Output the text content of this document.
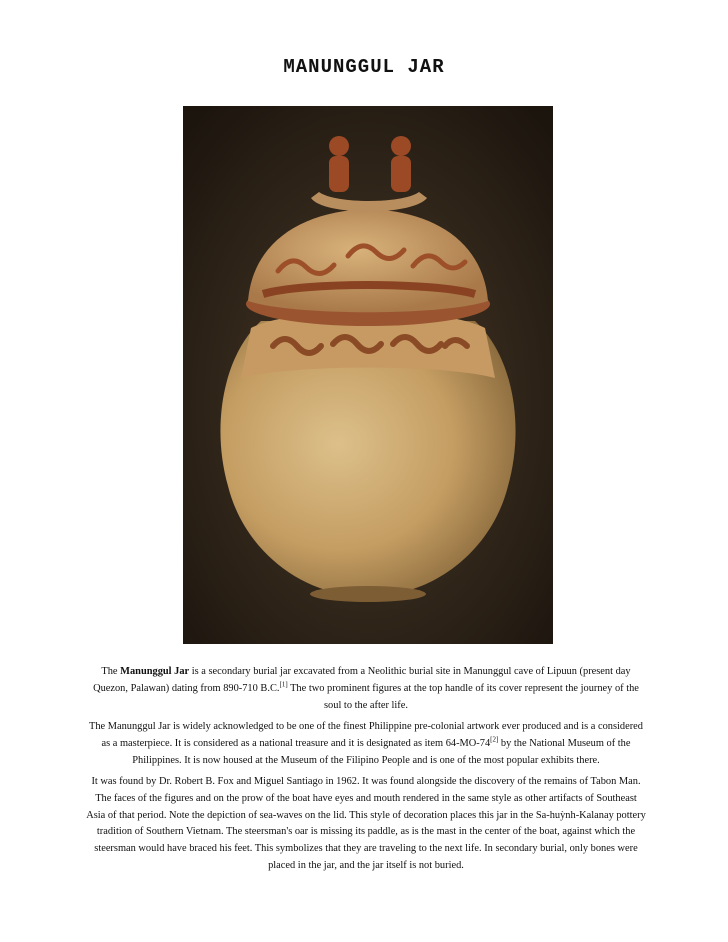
MANUNGGUL JAR

The Manunggul Jar is a secondary burial jar excavated from a Neolithic burial site in Manunggul cave of Lipuun (present day Quezon, Palawan) dating from 890-710 B.C.[1] The two prominent figures at the top handle of its cover represent the journey of the soul to the after life.

The Manunggul Jar is widely acknowledged to be one of the finest Philippine pre-colonial artwork ever produced and is a considered as a masterpiece. It is considered as a national treasure and it is designated as item 64-MO-74[2] by the National Museum of the Philippines. It is now housed at the Museum of the Filipino People and is one of the most popular exhibits there.

It was found by Dr. Robert B. Fox and Miguel Santiago in 1962. It was found alongside the discovery of the remains of Tabon Man. The faces of the figures and on the prow of the boat have eyes and mouth rendered in the same style as other artifacts of Southeast Asia of that period. Note the depiction of sea-waves on the lid. This style of decoration places this jar in the Sa-huỳnh-Kalanay pottery tradition of Southern Vietnam. The steersman's oar is missing its paddle, as is the mast in the center of the boat, against which the steersman would have braced his feet. This symbolizes that they are traveling to the next life. In secondary burial, only bones were placed in the jar, and the jar itself is not buried.
